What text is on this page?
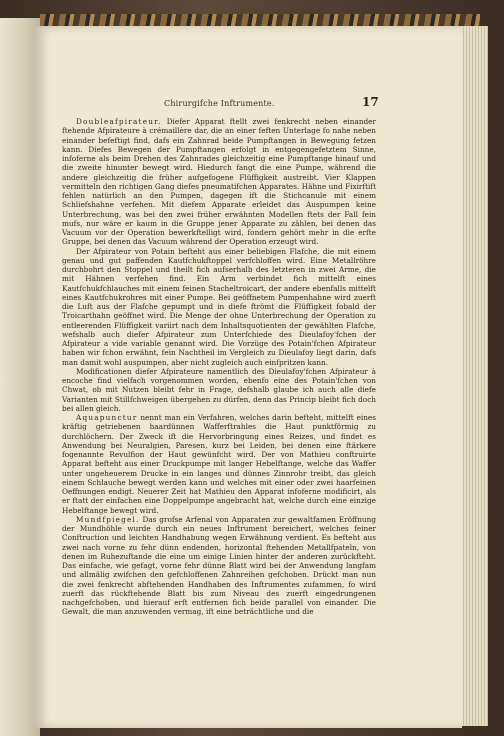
Chirurgifche Inftrumente.	17

Doubleafpirateur. Diefer Apparat ftellt zwei fenkrecht neben einander ftehende Afpirateure à crémaillère dar, die an einer feften Unterlage fo nahe neben einander befeftigt find, dafs ein Zahnrad beide Pumpftangen in Bewegung fetzen kann. Diefes Bewegen der Pumpftangen erfolgt in entgegengefetztem Sinne, infoferne als beim Drehen des Zahnrades gleichzeitig eine Pumpftange hinauf und die zweite hinunter bewegt wird. Hiedurch fangt die eine Pumpe, während die andere gleichzeitig die früher aufgefogene Flüffigkeit austreibt. Vier Klappen vermitteln den richtigen Gang diefes pneumatifchen Apparates. Hähne und Fixirftift fehlen natürlich an den Pumpen, dagegen ift die Stichcanule mit einem Schliefshahne verfehen. Mit diefem Apparate erleidet das Auspumpen keine Unterbrechung, was bei den zwei früher erwähnten Modellen ftets der Fall fein mufs, nur wäre er kaum in die Gruppe jener Apparate zu zählen, bei denen das Vacuum vor der Operation bewerkftelligt wird, fondern gehört mehr in die erfte Gruppe, bei denen das Vacuum während der Operation erzeugt wird.

Der Afpirateur von Potain befteht aus einer beliebigen Flafche, die mit einem genau und gut paffenden Kautfchukftoppel verfchloffen wird. Eine Metallröhre durchbohrt den Stoppel und theilt fich aufserhalb des letzteren in zwei Arme, die mit Hähnen verfehen find. Ein Arm verbindet fich mittelft eines Kautfchukfchlauches mit einem feinen Stacheltroicart, der andere ebenfalls mittelft eines Kautfchukrohres mit einer Pumpe. Bei geöffnetem Pumpenhahne wird zuerft die Luft aus der Flafche gepumpt und in diefe ftrömt die Flüffigkeit fobald der Troicarthahn geöffnet wird. Die Menge der ohne Unterbrechung der Operation zu entleerenden Flüffigkeit variirt nach dem Inhaltsquotienten der gewählten Flafche, wefshalb auch diefer Afpirateur zum Unterfchiede des Dieulafoy'fchen der Afpirateur a vide variable genannt wird. Die Vorzüge des Potain'fchen Afpirateur haben wir fchon erwähnt, fein Nachtheil im Vergleich zu Dieulafoy liegt darin, dafs man damit wohl auspumpen, aber nicht zugleich auch einfpritzen kann.

Modificationen diefer Afpirateure namentlich des Dieulafoy'fchen Afpirateur à encoche find vielfach vorgenommen worden, ebenfo eine des Potain'fchen von Chwat, ob mit Nutzen bleibt fehr in Frage, defshalb glaube ich auch alle diefe Varianten mit Stillfchweigen übergehen zu dürfen, denn das Princip bleibt fich doch bei allen gleich.

Aquapunctur nennt man ein Verfahren, welches darin befteht, mittelft eines kräftig getriebenen haardünnen Wafferftrahles die Haut punktförmig zu durchlöchern. Der Zweck ift die Hervorbringung eines Reizes, und findet es Anwendung bei Neuralgien, Paresen, kurz bei Leiden, bei denen eine ftärkere fogenannte Revulfion der Haut gewünfcht wird. Der von Mathieu conftruirte Apparat befteht aus einer Druckpumpe mit langer Hebelftange, welche das Waffer unter ungeheuerem Drucke in ein langes und dünnes Zinnrohr treibt, das gleich einem Schlauche bewegt werden kann und welches mit einer oder zwei haarfeinen Oeffnungen endigt. Neuerer Zeit hat Mathieu den Apparat infoferne modificirt, als er ftatt der einfachen eine Doppelpumpe angebracht hat, welche durch eine einzige Hebelftange bewegt wird.

Mundfpiegel. Das grofse Arfenal von Apparaten zur gewaltfamen Eröffnung der Mundhöhle wurde durch ein neues Inftrument bereichert, welches feiner Conftruction und leichten Handhabung wegen Erwähnung verdient. Es befteht aus zwei nach vorne zu fehr dünn endenden, horizontal ftehenden Metallfpateln, von denen im Ruhezuftande die eine um einige Linien hinter der anderen zurückfteht. Das einfache, wie gefagt, vorne fehr dünne Blatt wird bei der Anwendung langfam und allmälig zwifchen den gefchloffenen Zahnreihen gefchoben. Drückt man nun die zwei fenkrecht abftehenden Handhaben des Inftrumentes zufammen, fo wird zuerft das rückftehende Blatt bis zum Niveau des zuerft eingedrungenen nachgefchoben, und hierauf erft entfernen fich beide parallel von einander. Die Gewalt, die man anzuwenden vermag, ift eine beträchtliche und die
